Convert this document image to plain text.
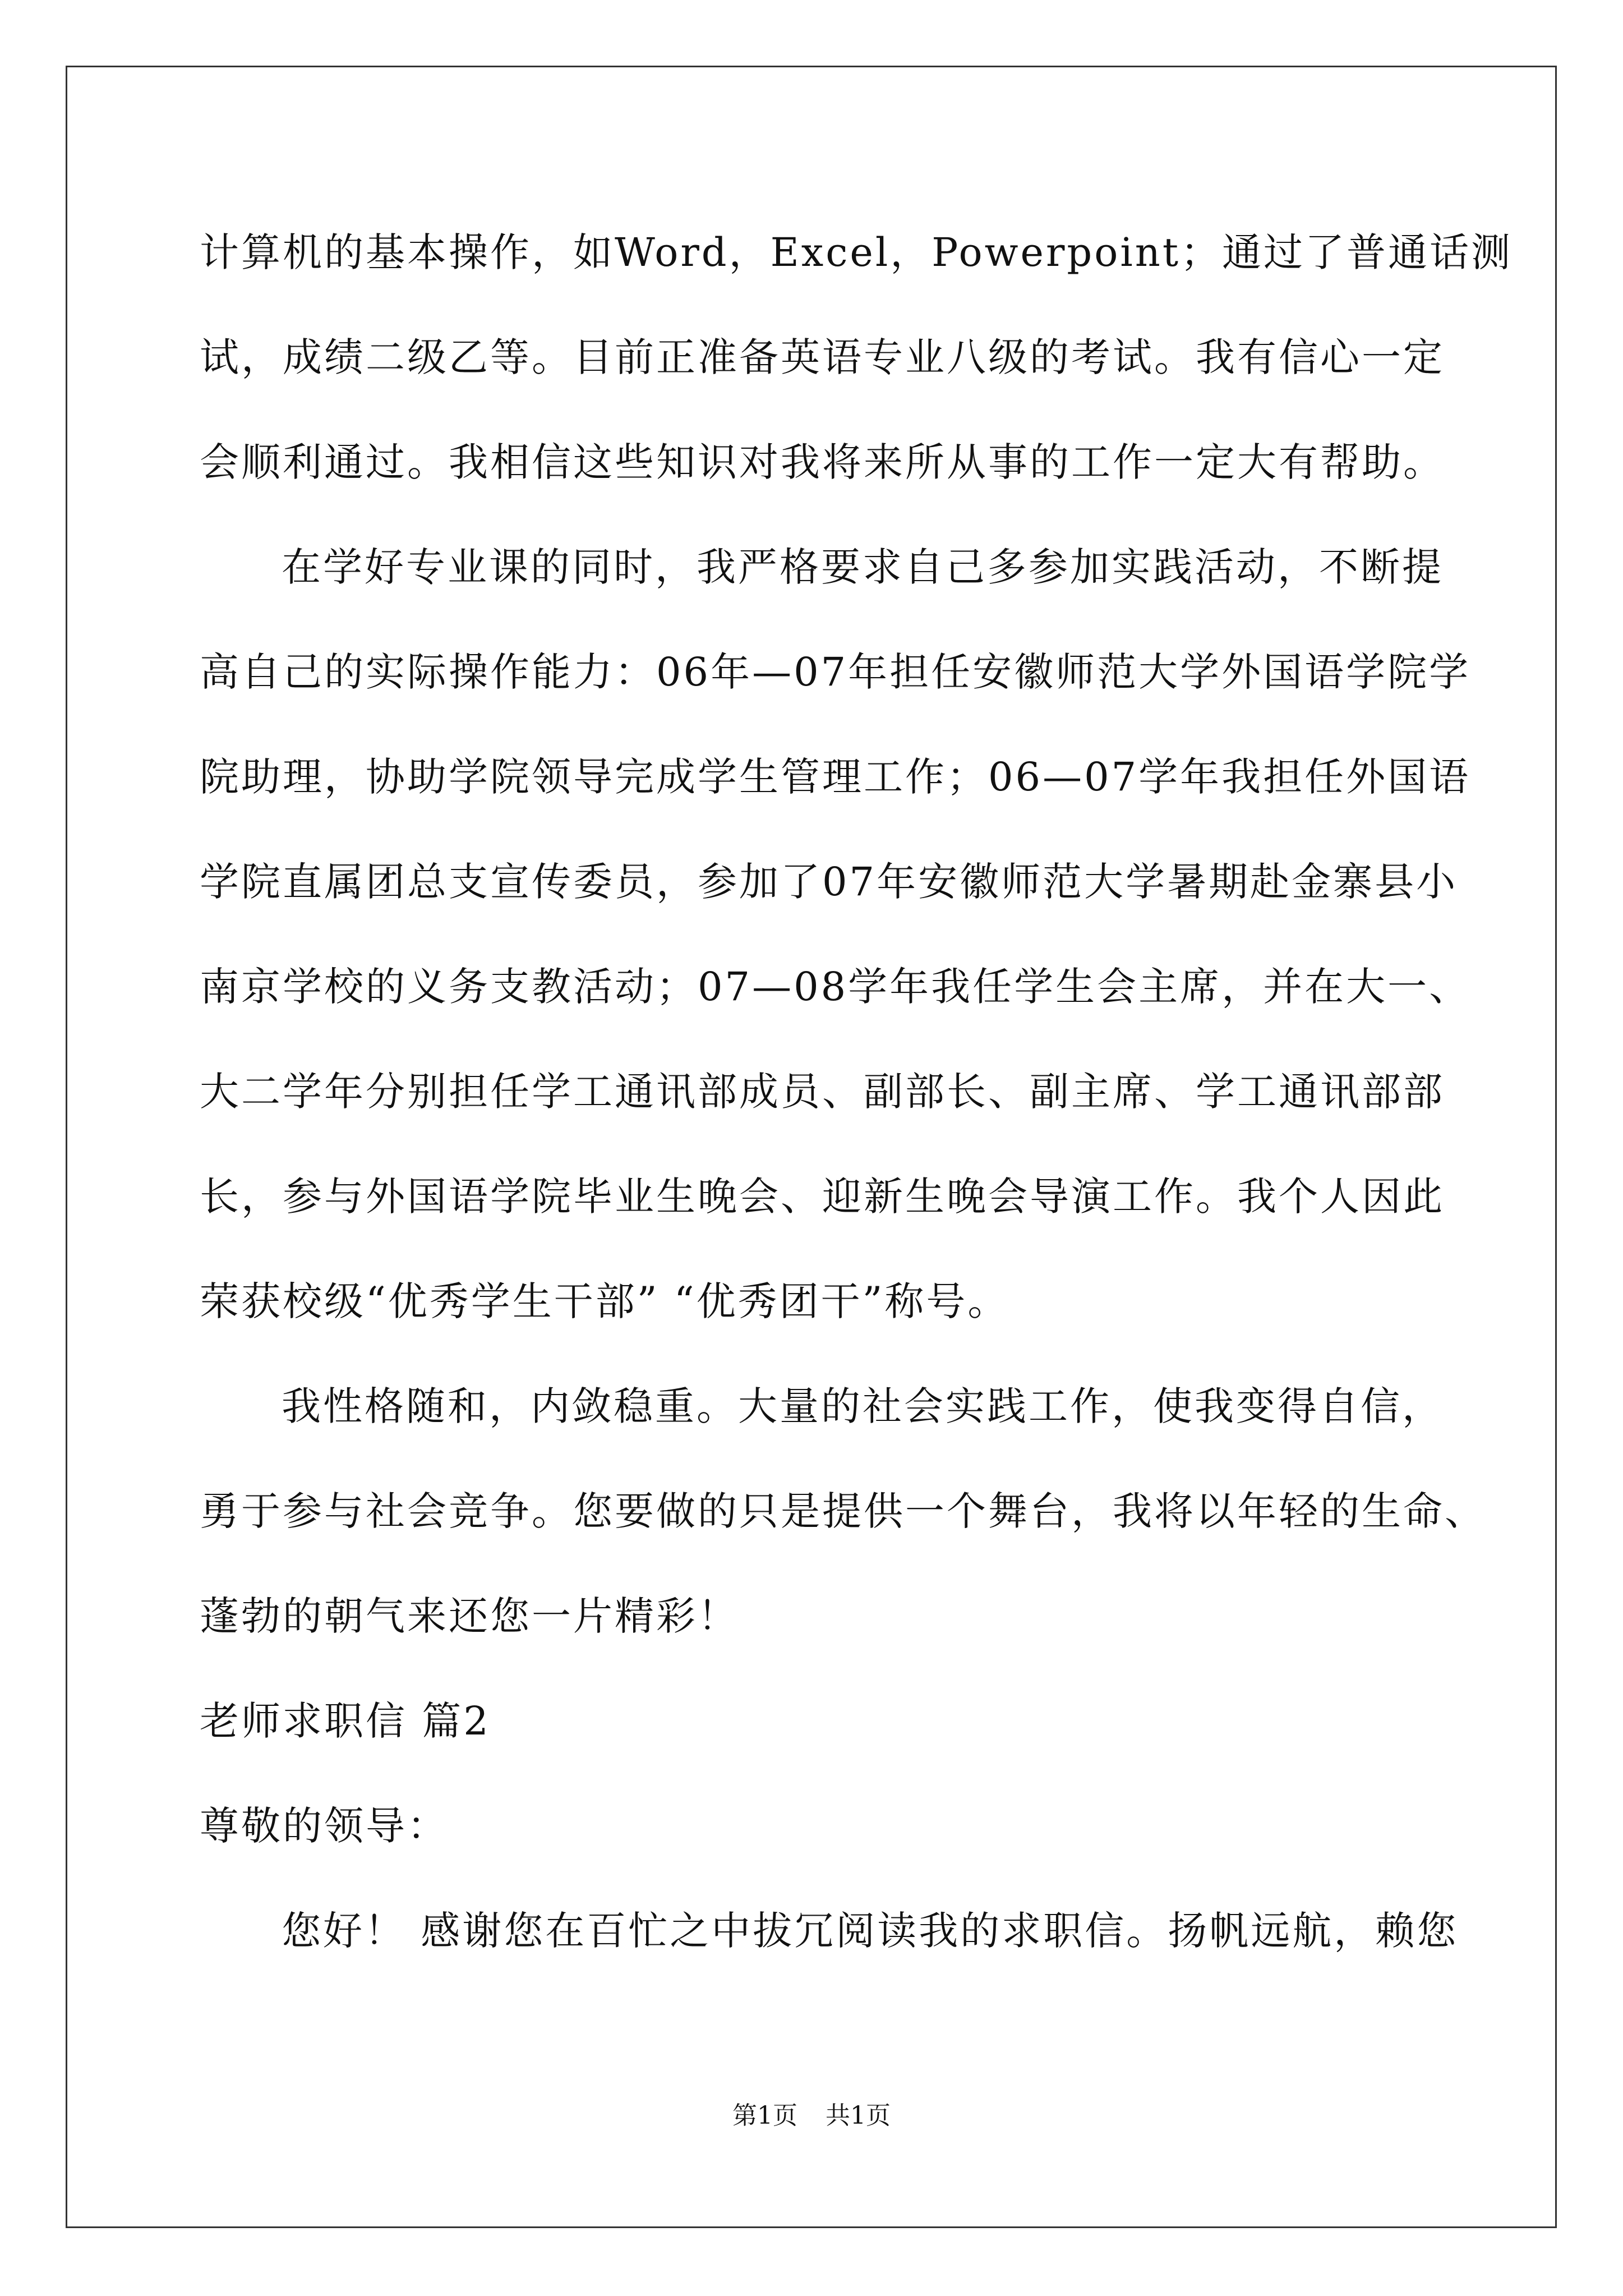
计算机的基本操作，如Word，Excel，Powerpoint；通过了普通话测

试，成绩二级乙等。目前正准备英语专业八级的考试。我有信心一定

会顺利通过。我相信这些知识对我将来所从事的工作一定大有帮助。

在学好专业课的同时，我严格要求自己多参加实践活动，不断提

高自己的实际操作能力：06年—07年担任安徽师范大学外国语学院学

院助理，协助学院领导完成学生管理工作；06—07学年我担任外国语

学院直属团总支宣传委员，参加了07年安徽师范大学暑期赴金寨县小

南京学校的义务支教活动；07—08学年我任学生会主席，并在大一、

大二学年分别担任学工通讯部成员、副部长、副主席、学工通讯部部

长，参与外国语学院毕业生晚会、迎新生晚会导演工作。我个人因此

荣获校级“优秀学生干部” “优秀团干”称号。

我性格随和，内敛稳重。大量的社会实践工作，使我变得自信，

勇于参与社会竞争。您要做的只是提供一个舞台，我将以年轻的生命、

蓬勃的朝气来还您一片精彩！

老师求职信 篇2

尊敬的领导：

您好！ 感谢您在百忙之中拔冗阅读我的求职信。扬帆远航，赖您

第1页 共1页
